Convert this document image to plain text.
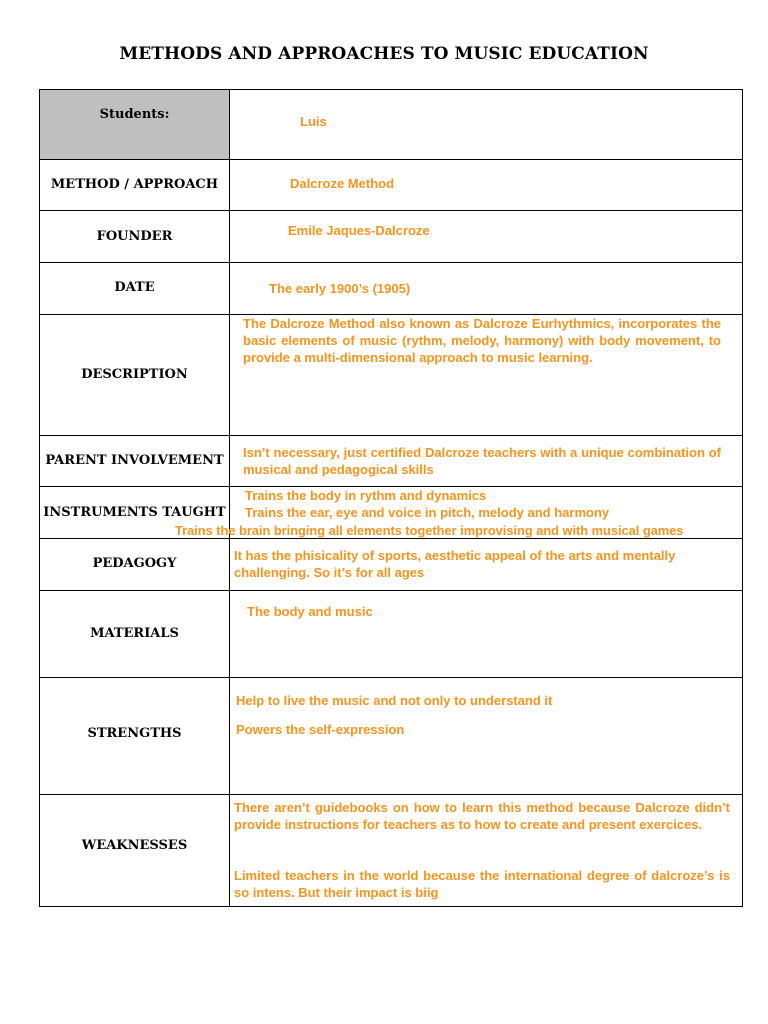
METHODS AND APPROACHES TO MUSIC EDUCATION
Students:
METHOD / APPROACH
FOUNDER
DATE
DESCRIPTION
PARENT INVOLVEMENT
INSTRUMENTS TAUGHT
PEDAGOGY
MATERIALS
STRENGTHS
WEAKNESSES
Luis
Dalcroze Method
Emile Jaques-Dalcroze
The early 1900’s (1905)
The Dalcroze Method also known as Dalcroze Eurhythmics, incorporates the basic elements of music (rythm, melody, harmony) with body movement, to provide a multi-dimensional approach to music learning.
Isn’t necessary, just certified Dalcroze teachers with a unique combination of musical and pedagogical skills
Trains the body in rythm and dynamics
Trains the ear, eye and voice in pitch, melody and harmony
Trains the brain bringing all elements together improvising and with musical games
It has the phisicality of sports, aesthetic appeal of the arts and mentally
challenging. So it’s for all ages
The body and music
Help to live the music and not only to understand it
Powers the self-expression
There aren’t guidebooks on how to learn this method because Dalcroze didn’t provide instructions for teachers as to how to create and present exercices.
Limited teachers in the world because the international degree of dalcroze’s is so intens. But their impact is biig
